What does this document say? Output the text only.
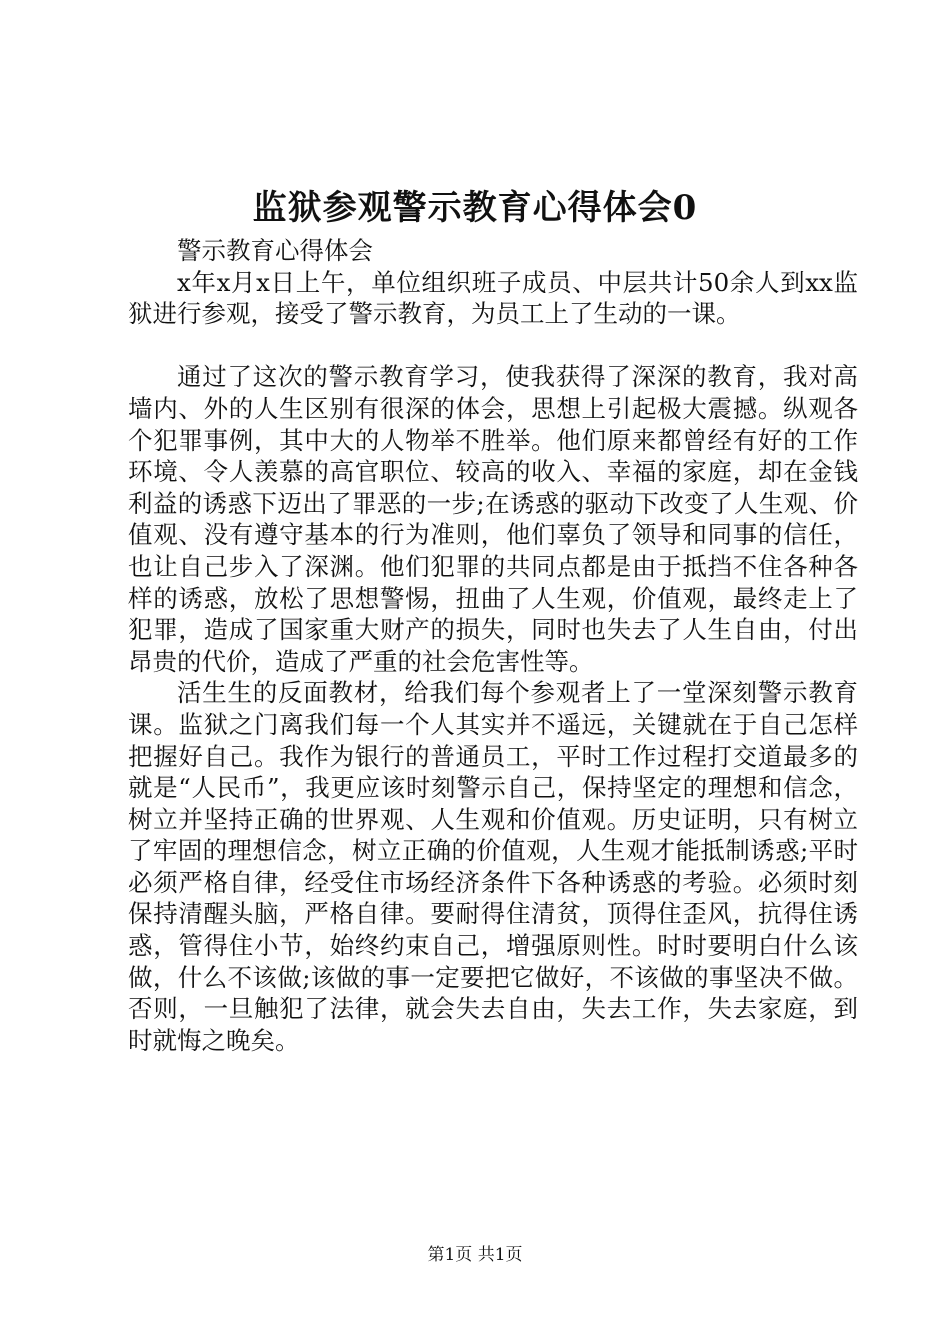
监狱参观警示教育心得体会0

警示教育心得体会

x年x月x日上午，单位组织班子成员、中层共计50余人到xx监狱进行参观，接受了警示教育，为员工上了生动的一课。

通过了这次的警示教育学习，使我获得了深深的教育，我对高墙内、外的人生区别有很深的体会，思想上引起极大震撼。纵观各个犯罪事例，其中大的人物举不胜举。他们原来都曾经有好的工作环境、令人羡慕的高官职位、较高的收入、幸福的家庭，却在金钱利益的诱惑下迈出了罪恶的一步;在诱惑的驱动下改变了人生观、价值观、没有遵守基本的行为准则，他们辜负了领导和同事的信任，也让自己步入了深渊。他们犯罪的共同点都是由于抵挡不住各种各样的诱惑，放松了思想警惕，扭曲了人生观，价值观，最终走上了犯罪，造成了国家重大财产的损失，同时也失去了人生自由，付出昂贵的代价，造成了严重的社会危害性等。

活生生的反面教材，给我们每个参观者上了一堂深刻警示教育课。监狱之门离我们每一个人其实并不遥远，关键就在于自己怎样把握好自己。我作为银行的普通员工，平时工作过程打交道最多的就是“人民币”，我更应该时刻警示自己，保持坚定的理想和信念，树立并坚持正确的世界观、人生观和价值观。历史证明，只有树立了牢固的理想信念，树立正确的价值观，人生观才能抵制诱惑;平时必须严格自律，经受住市场经济条件下各种诱惑的考验。必须时刻保持清醒头脑，严格自律。要耐得住清贫，顶得住歪风，抗得住诱惑，管得住小节，始终约束自己，增强原则性。时时要明白什么该做，什么不该做;该做的事一定要把它做好，不该做的事坚决不做。否则，一旦触犯了法律，就会失去自由，失去工作，失去家庭，到时就悔之晚矣。

第1页 共1页
